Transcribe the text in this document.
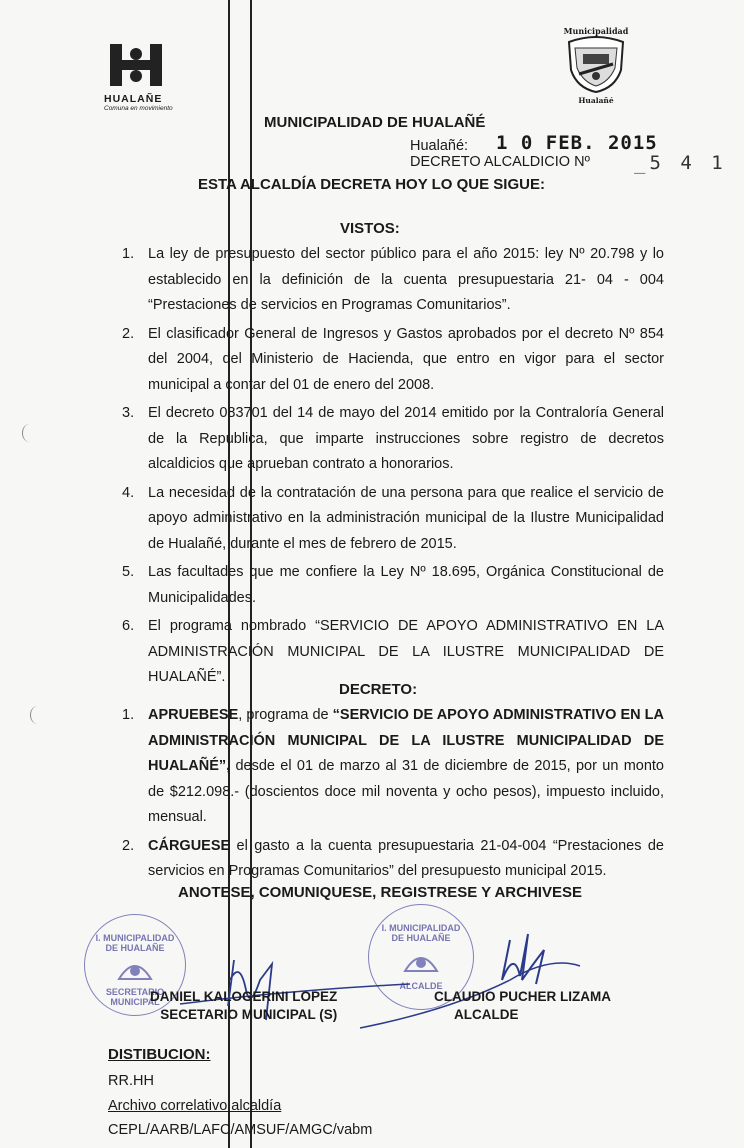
HUALAÑE
Comuna en movimiento
Municipalidad
Hualañé
MUNICIPALIDAD DE HUALAÑÉ
Hualañé: 1 0 FEB. 2015
DECRETO ALCALDICIO Nº _5 4 1
ESTA ALCALDÍA DECRETA HOY LO QUE SIGUE:
VISTOS:
1. La ley de presupuesto del sector público para el año 2015: ley Nº 20.798 y lo establecido en la definición de la cuenta presupuestaria 21- 04 - 004 “Prestaciones de servicios en Programas Comunitarios”.
2. El clasificador General de Ingresos y Gastos aprobados por el decreto Nº 854 del 2004, del Ministerio de Hacienda, que entro en vigor para el sector municipal a contar del 01 de enero del 2008.
3. El decreto 083701 del 14 de mayo del 2014 emitido por la Contraloría General de la Republica, que imparte instrucciones sobre registro de decretos alcaldicios que aprueban contrato a honorarios.
4. La necesidad de la contratación de una persona para que realice el servicio de apoyo administrativo en la administración municipal de la Ilustre Municipalidad de Hualañé, durante el mes de febrero de 2015.
5. Las facultades que me confiere la Ley Nº 18.695, Orgánica Constitucional de Municipalidades.
6. El programa nombrado “SERVICIO DE APOYO ADMINISTRATIVO EN LA ADMINISTRACIÓN MUNICIPAL DE LA ILUSTRE MUNICIPALIDAD DE HUALAÑÉ”.
DECRETO:
1. APRUEBESE, programa de “SERVICIO DE APOYO ADMINISTRATIVO EN LA ADMINISTRACIÓN MUNICIPAL DE LA ILUSTRE MUNICIPALIDAD DE HUALAÑÉ”, desde el 01 de marzo al 31 de diciembre de 2015, por un monto de $212.098.- (doscientos doce mil noventa y ocho pesos), impuesto incluido, mensual.
2. CÁRGUESE el gasto a la cuenta presupuestaria 21-04-004 “Prestaciones de servicios en Programas Comunitarios” del presupuesto municipal 2015.
ANOTESE, COMUNIQUESE, REGISTRESE Y ARCHIVESE
I. MUNICIPALIDAD DE HUALAÑE
SECRETARIO MUNICIPAL
I. MUNICIPALIDAD DE HUALAÑE
ALCALDE
DANIEL KALOGERINI LOPEZ
SECETARIO MUNICIPAL (S)
CLAUDIO PUCHER LIZAMA
ALCALDE
DISTIBUCION:
RR.HH
Archivo correlativo alcaldía
CEPL/AARB/LAFC/AMSUF/AMGC/vabm
